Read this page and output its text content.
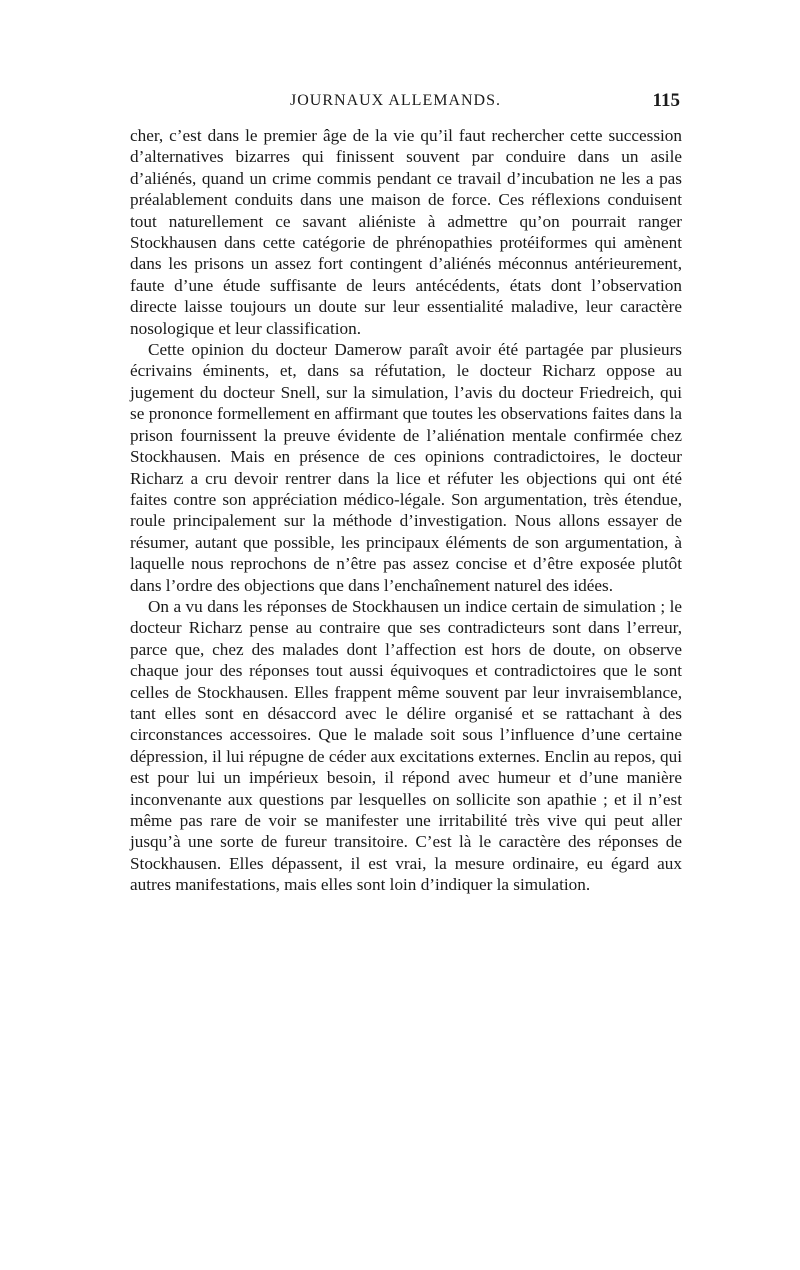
JOURNAUX ALLEMANDS.	115

cher, c’est dans le premier âge de la vie qu’il faut rechercher cette succession d’alternatives bizarres qui finissent souvent par conduire dans un asile d’aliénés, quand un crime commis pendant ce travail d’incubation ne les a pas préalablement conduits dans une maison de force. Ces réflexions conduisent tout naturellement ce savant aliéniste à admettre qu’on pourrait ranger Stockhausen dans cette catégorie de phrénopathies protéiformes qui amènent dans les prisons un assez fort contingent d’aliénés méconnus antérieurement, faute d’une étude suffisante de leurs antécédents, états dont l’observation directe laisse toujours un doute sur leur essentialité maladive, leur caractère nosologique et leur classification.

Cette opinion du docteur Damerow paraît avoir été partagée par plusieurs écrivains éminents, et, dans sa réfutation, le docteur Richarz oppose au jugement du docteur Snell, sur la simulation, l’avis du docteur Friedreich, qui se prononce formellement en affirmant que toutes les observations faites dans la prison fournissent la preuve évidente de l’aliénation mentale confirmée chez Stockhausen. Mais en présence de ces opinions contradictoires, le docteur Richarz a cru devoir rentrer dans la lice et réfuter les objections qui ont été faites contre son appréciation médico-légale. Son argumentation, très étendue, roule principalement sur la méthode d’investigation. Nous allons essayer de résumer, autant que possible, les principaux éléments de son argumentation, à laquelle nous reprochons de n’être pas assez concise et d’être exposée plutôt dans l’ordre des objections que dans l’enchaînement naturel des idées.

On a vu dans les réponses de Stockhausen un indice certain de simulation ; le docteur Richarz pense au contraire que ses contradicteurs sont dans l’erreur, parce que, chez des malades dont l’affection est hors de doute, on observe chaque jour des réponses tout aussi équivoques et contradictoires que le sont celles de Stockhausen. Elles frappent même souvent par leur invraisemblance, tant elles sont en désaccord avec le délire organisé et se rattachant à des circonstances accessoires. Que le malade soit sous l’influence d’une certaine dépression, il lui répugne de céder aux excitations externes. Enclin au repos, qui est pour lui un impérieux besoin, il répond avec humeur et d’une manière inconvenante aux questions par lesquelles on sollicite son apathie ; et il n’est même pas rare de voir se manifester une irritabilité très vive qui peut aller jusqu’à une sorte de fureur transitoire. C’est là le caractère des réponses de Stockhausen. Elles dépassent, il est vrai, la mesure ordinaire, eu égard aux autres manifestations, mais elles sont loin d’indiquer la simulation.
